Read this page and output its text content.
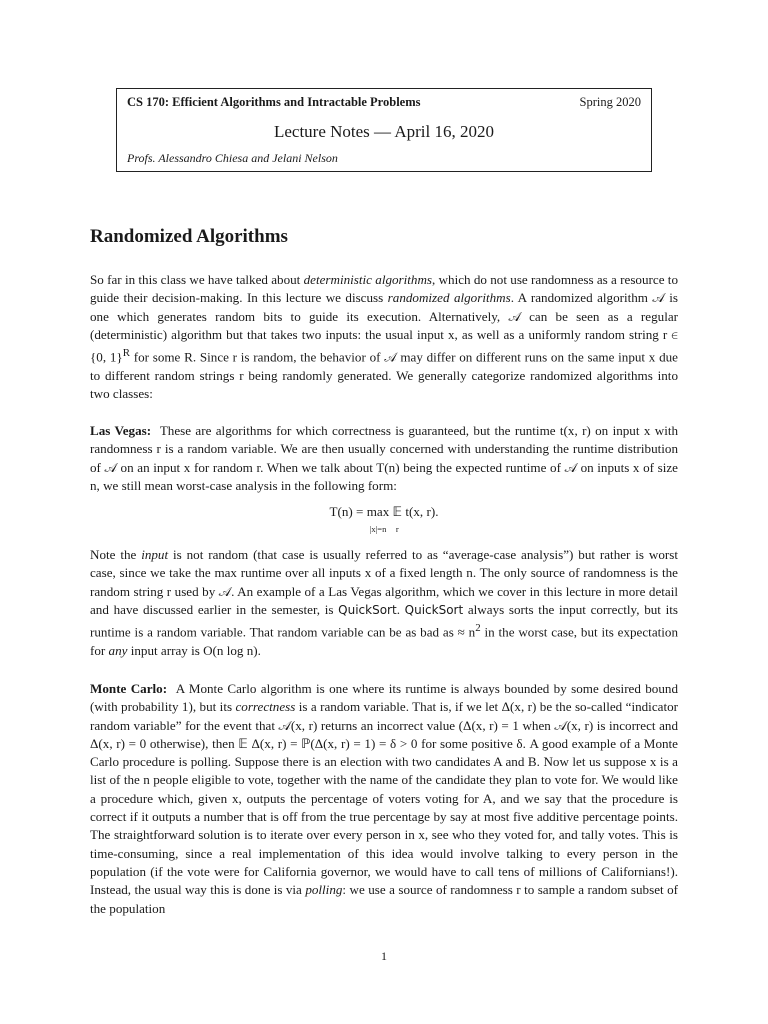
CS 170: Efficient Algorithms and Intractable Problems	Spring 2020
Lecture Notes — April 16, 2020
Profs. Alessandro Chiesa and Jelani Nelson
Randomized Algorithms

So far in this class we have talked about deterministic algorithms, which do not use randomness as a resource to guide their decision-making. In this lecture we discuss randomized algorithms. A randomized algorithm 𝒜 is one which generates random bits to guide its execution. Alternatively, 𝒜 can be seen as a regular (deterministic) algorithm but that takes two inputs: the usual input x, as well as a uniformly random string r ∈ {0, 1}$^R$ for some R. Since r is random, the behavior of 𝒜 may differ on different runs on the same input x due to different random strings r being randomly generated. We generally categorize randomized algorithms into two classes:

Las Vegas: These are algorithms for which correctness is guaranteed, but the runtime t(x, r) on input x with randomness r is a random variable. We are then usually concerned with understanding the runtime distribution of 𝒜 on an input x for random r. When we talk about T(n) being the expected runtime of 𝒜 on inputs x of size n, we still mean worst-case analysis in the following form:

T(n) = max
|x|=n 𝔼
r t(x, r).

Note the input is not random (that case is usually referred to as “average-case analysis”) but rather is worst case, since we take the max runtime over all inputs x of a fixed length n. The only source of randomness is the random string r used by 𝒜. An example of a Las Vegas algorithm, which we cover in this lecture in more detail and have discussed earlier in the semester, is QuickSort. QuickSort always sorts the input correctly, but its runtime is a random variable. That random variable can be as bad as ≈ $n^2$ in the worst case, but its expectation for any input array is O(n log n).

Monte Carlo: A Monte Carlo algorithm is one where its runtime is always bounded by some desired bound (with probability 1), but its correctness is a random variable. That is, if we let Δ(x, r) be the so-called “indicator random variable” for the event that 𝒜(x, r) returns an incorrect value (Δ(x, r) = 1 when 𝒜(x, r) is incorrect and Δ(x, r) = 0 otherwise), then 𝔼 Δ(x, r) = ℙ(Δ(x, r) = 1) = δ > 0 for some positive δ. A good example of a Monte Carlo procedure is polling. Suppose there is an election with two candidates A and B. Now let us suppose x is a list of the n people eligible to vote, together with the name of the candidate they plan to vote for. We would like a procedure which, given x, outputs the percentage of voters voting for A, and we say that the procedure is correct if it outputs a number that is off from the true percentage by say at most five additive percentage points. The straightforward solution is to iterate over every person in x, see who they voted for, and tally votes. This is time-consuming, since a real implementation of this idea would involve talking to every person in the population (if the vote were for California governor, we would have to call tens of millions of Californians!). Instead, the usual way this is done is via polling: we use a source of randomness r to sample a random subset of the population

1
